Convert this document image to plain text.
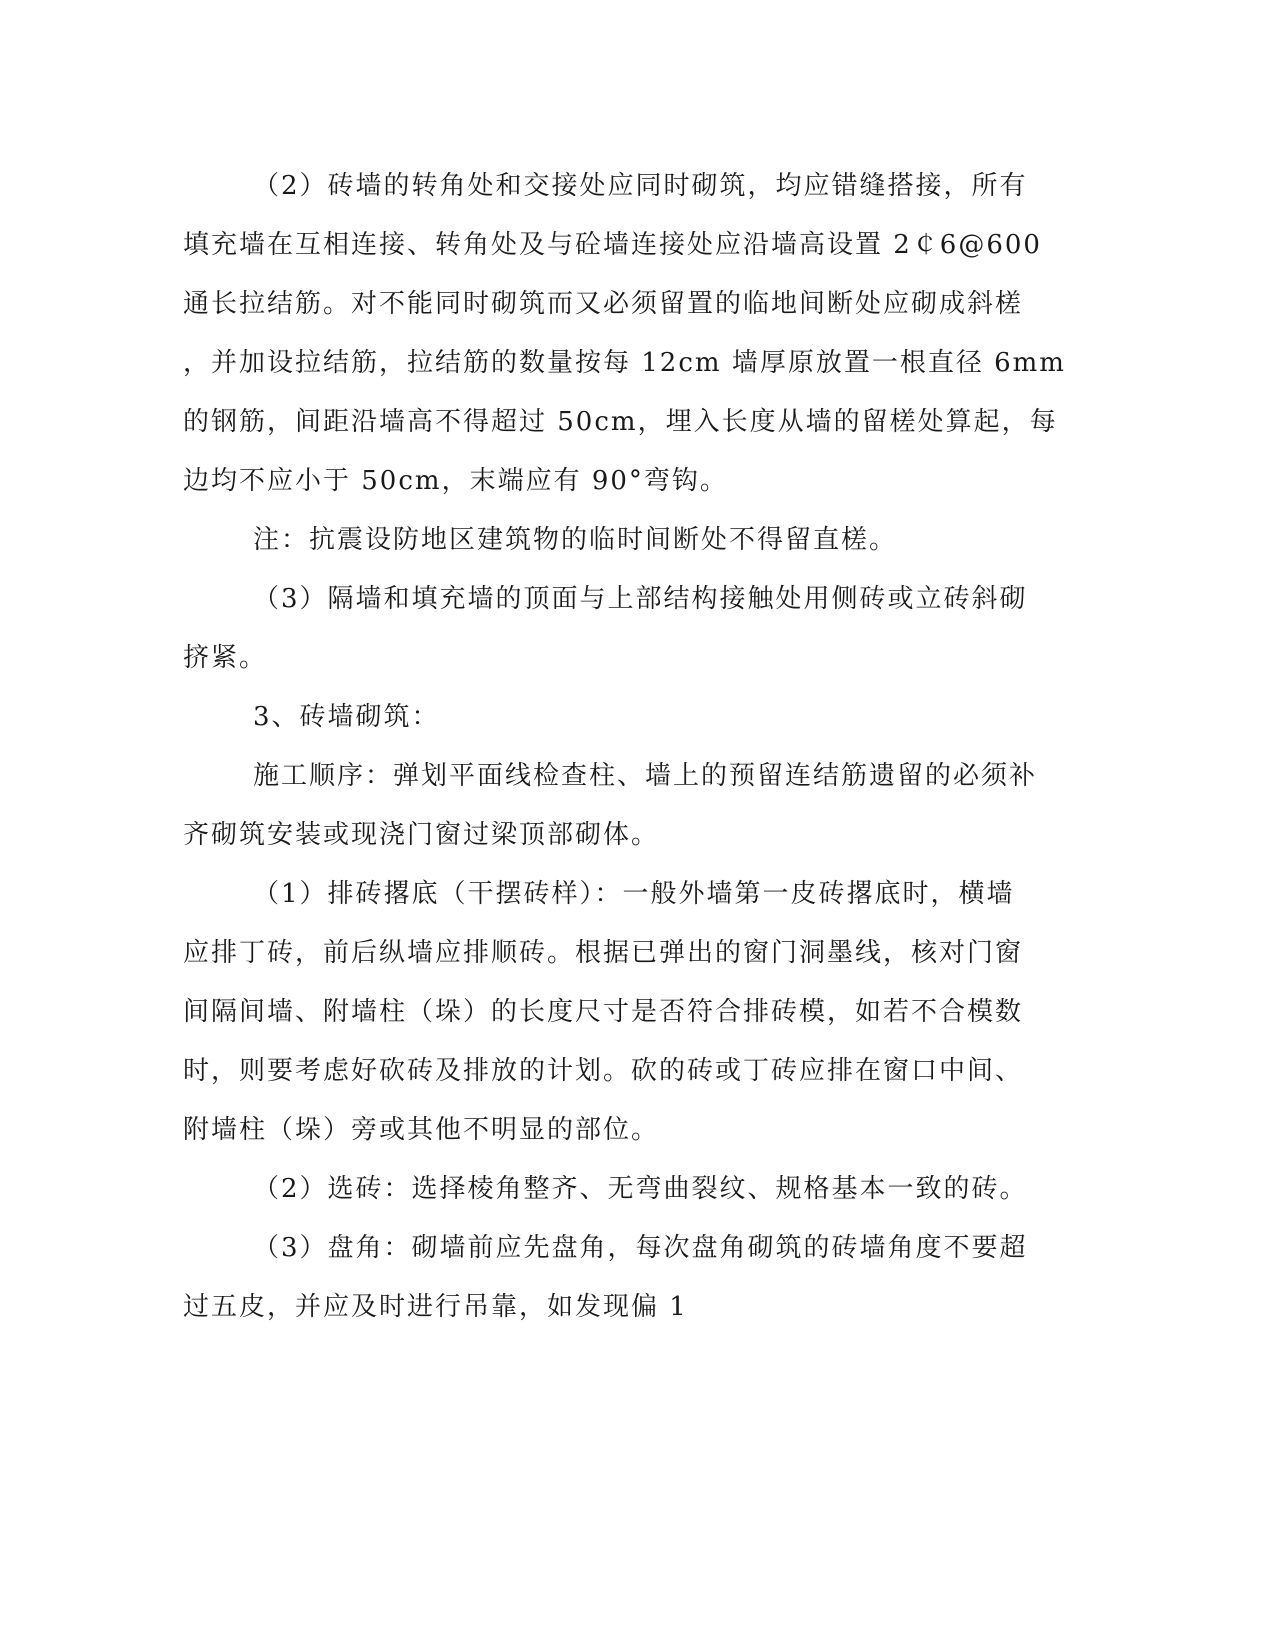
（2）砖墙的转角处和交接处应同时砌筑，均应错缝搭接，所有
填充墙在互相连接、转角处及与砼墙连接处应沿墙高设置 2￠6@600
通长拉结筋。对不能同时砌筑而又必须留置的临地间断处应砌成斜槎
，并加设拉结筋，拉结筋的数量按每 12cm 墙厚原放置一根直径 6mm
的钢筋，间距沿墙高不得超过 50cm，埋入长度从墙的留槎处算起，每
边均不应小于 50cm，末端应有 90°弯钩。

注：抗震设防地区建筑物的临时间断处不得留直槎。

（3）隔墙和填充墙的顶面与上部结构接触处用侧砖或立砖斜砌
挤紧。

3、砖墙砌筑：

施工顺序：弹划平面线检查柱、墙上的预留连结筋遗留的必须补
齐砌筑安装或现浇门窗过梁顶部砌体。

（1）排砖撂底（干摆砖样）：一般外墙第一皮砖撂底时，横墙
应排丁砖，前后纵墙应排顺砖。根据已弹出的窗门洞墨线，核对门窗
间隔间墙、附墙柱（垛）的长度尺寸是否符合排砖模，如若不合模数
时，则要考虑好砍砖及排放的计划。砍的砖或丁砖应排在窗口中间、
附墙柱（垛）旁或其他不明显的部位。

（2）选砖：选择棱角整齐、无弯曲裂纹、规格基本一致的砖。

（3）盘角：砌墙前应先盘角，每次盘角砌筑的砖墙角度不要超
过五皮，并应及时进行吊靠，如发现偏 1
